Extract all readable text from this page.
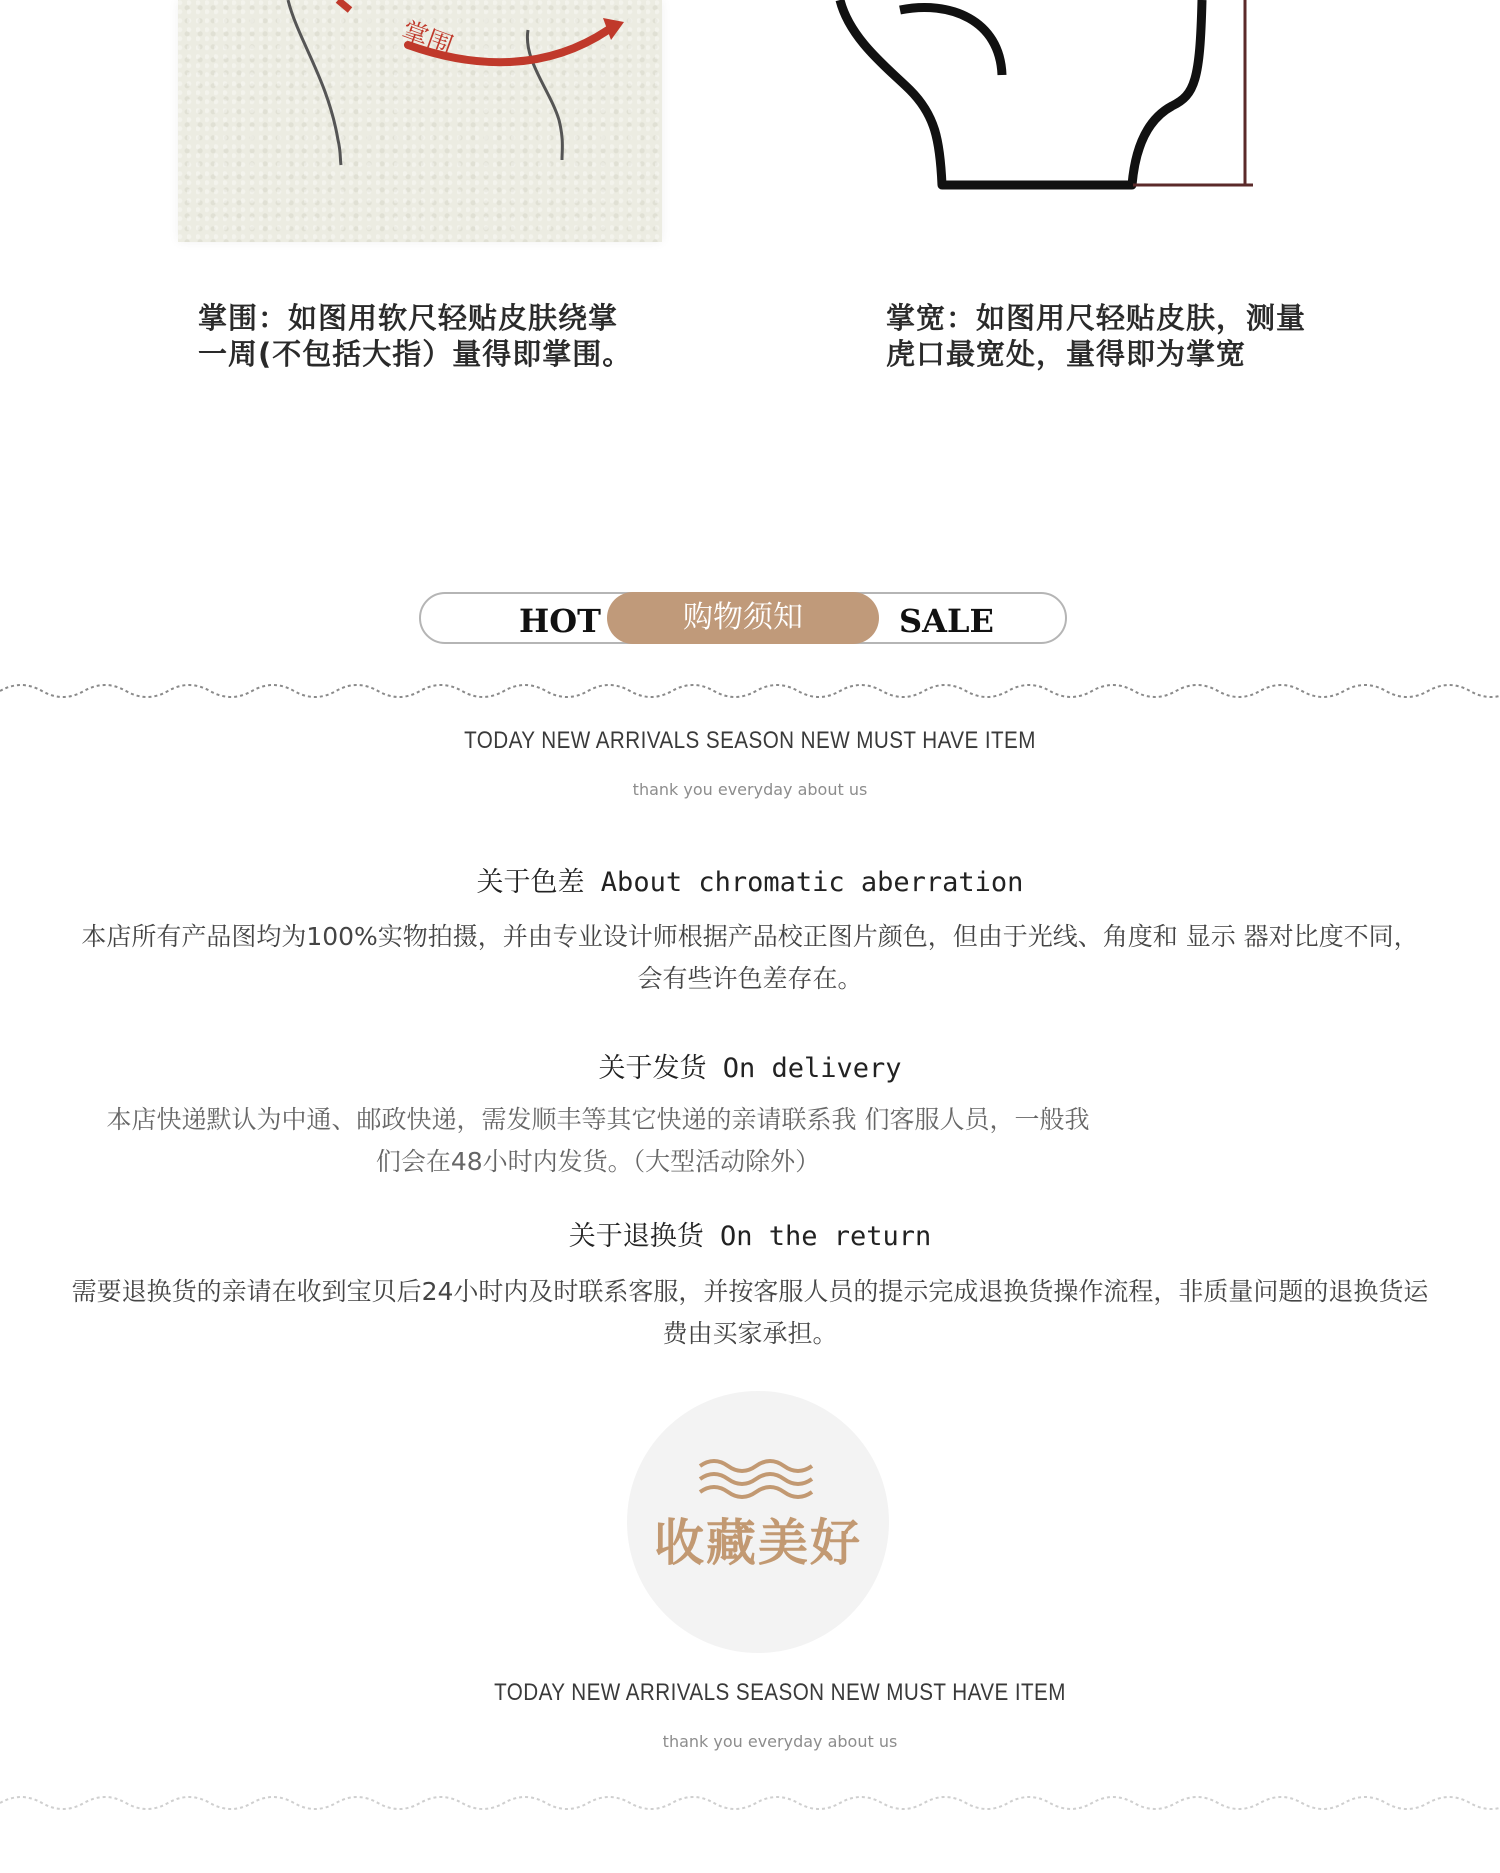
掌围
掌围：如图用软尺轻贴皮肤绕掌
一周(不包括大指）量得即掌围。
掌宽：如图用尺轻贴皮肤，测量
虎口最宽处，量得即为掌宽
HOT	购物须知	SALE
TODAY NEW ARRIVALS SEASON NEW MUST HAVE ITEM
thank you everyday about us
关于色差 About chromatic aberration
本店所有产品图均为100%实物拍摄，并由专业设计师根据产品校正图片颜色，但由于光线、角度和 显示 器对比度不同，会有些许色差存在。
关于发货 On delivery
本店快递默认为中通、邮政快递，需发顺丰等其它快递的亲请联系我 们客服人员，一般我们会在48小时内发货。（大型活动除外）
关于退换货 On the return
需要退换货的亲请在收到宝贝后24小时内及时联系客服，并按客服人员的提示完成退换货操作流程，非质量问题的退换货运费由买家承担。
收藏美好
TODAY NEW ARRIVALS SEASON NEW MUST HAVE ITEM
thank you everyday about us
